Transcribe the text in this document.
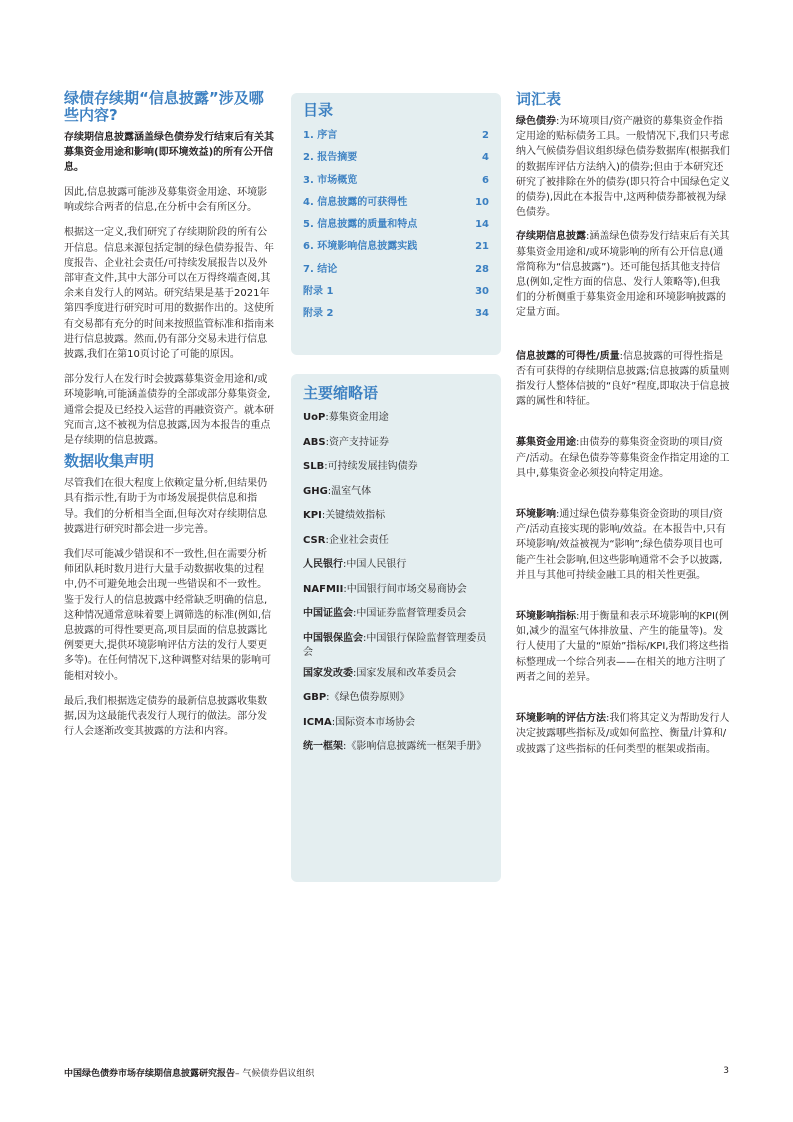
绿债存续期“信息披露”涉及哪些内容?
存续期信息披露涵盖绿色债券发行结束后有关其募集资金用途和影响(即环境效益)的所有公开信息。
因此,信息披露可能涉及募集资金用途、环境影响或综合两者的信息,在分析中会有所区分。
根据这一定义,我们研究了存续期阶段的所有公开信息。信息来源包括定制的绿色债券报告、年度报告、企业社会责任/可持续发展报告以及外部审查文件,其中大部分可以在万得终端查阅,其余来自发行人的网站。研究结果是基于2021年第四季度进行研究时可用的数据作出的。这使所有交易都有充分的时间来按照监管标准和指南来进行信息披露。然而,仍有部分交易未进行信息披露,我们在第10页讨论了可能的原因。
部分发行人在发行时会披露募集资金用途和/或环境影响,可能涵盖债券的全部或部分募集资金,通常会提及已经投入运营的再融资资产。就本研究而言,这不被视为信息披露,因为本报告的重点是存续期的信息披露。
数据收集声明
尽管我们在很大程度上依赖定量分析,但结果仍具有指示性,有助于为市场发展提供信息和指导。我们的分析相当全面,但每次对存续期信息披露进行研究时都会进一步完善。
我们尽可能减少错误和不一致性,但在需要分析师团队耗时数月进行大量手动数据收集的过程中,仍不可避免地会出现一些错误和不一致性。鉴于发行人的信息披露中经常缺乏明确的信息,这种情况通常意味着要上调筛选的标准(例如,信息披露的可得性要更高,项目层面的信息披露比例要更大,提供环境影响评估方法的发行人要更多等)。在任何情况下,这种调整对结果的影响可能相对较小。
最后,我们根据选定债券的最新信息披露收集数据,因为这最能代表发行人现行的做法。部分发行人会逐渐改变其披露的方法和内容。
目录
1. 序言	2
2. 报告摘要	4
3. 市场概览	6
4. 信息披露的可获得性	10
5. 信息披露的质量和特点	14
6. 环境影响信息披露实践	21
7. 结论	28
附录 1	30
附录 2	34
主要缩略语
UoP:募集资金用途
ABS:资产支持证券
SLB:可持续发展挂钩债券
GHG:温室气体
KPI:关键绩效指标
CSR:企业社会责任
人民银行:中国人民银行
NAFMII:中国银行间市场交易商协会
中国证监会:中国证券监督管理委员会
中国银保监会:中国银行保险监督管理委员会
国家发改委:国家发展和改革委员会
GBP:《绿色债券原则》
ICMA:国际资本市场协会
统一框架:《影响信息披露统一框架手册》
词汇表
绿色债券:为环境项目/资产融资的募集资金作指定用途的贴标债务工具。一般情况下,我们只考虑纳入气候债券倡议组织绿色债券数据库(根据我们的数据库评估方法纳入)的债券;但由于本研究还研究了被排除在外的债券(即只符合中国绿色定义的债券),因此在本报告中,这两种债券都被视为绿色债券。
存续期信息披露:涵盖绿色债券发行结束后有关其募集资金用途和/或环境影响的所有公开信息(通常简称为“信息披露”)。还可能包括其他支持信息(例如,定性方面的信息、发行人策略等),但我们的分析侧重于募集资金用途和环境影响披露的定量方面。
信息披露的可得性/质量:信息披露的可得性指是否有可获得的存续期信息披露;信息披露的质量则指发行人整体信披的“良好”程度,即取决于信息披露的属性和特征。
募集资金用途:由债券的募集资金资助的项目/资产/活动。在绿色债券等募集资金作指定用途的工具中,募集资金必须投向特定用途。
环境影响:通过绿色债券募集资金资助的项目/资产/活动直接实现的影响/效益。在本报告中,只有环境影响/效益被视为“影响”;绿色债券项目也可能产生社会影响,但这些影响通常不会予以披露,并且与其他可持续金融工具的相关性更强。
环境影响指标:用于衡量和表示环境影响的KPI(例如,减少的温室气体排放量、产生的能量等)。发行人使用了大量的“原始”指标/KPI,我们将这些指标整理成一个综合列表——在相关的地方注明了两者之间的差异。
环境影响的评估方法:我们将其定义为帮助发行人决定披露哪些指标及/或如何监控、衡量/计算和/或披露了这些指标的任何类型的框架或指南。
中国绿色债券市场存续期信息披露研究报告– 气候债券倡议组织	3
